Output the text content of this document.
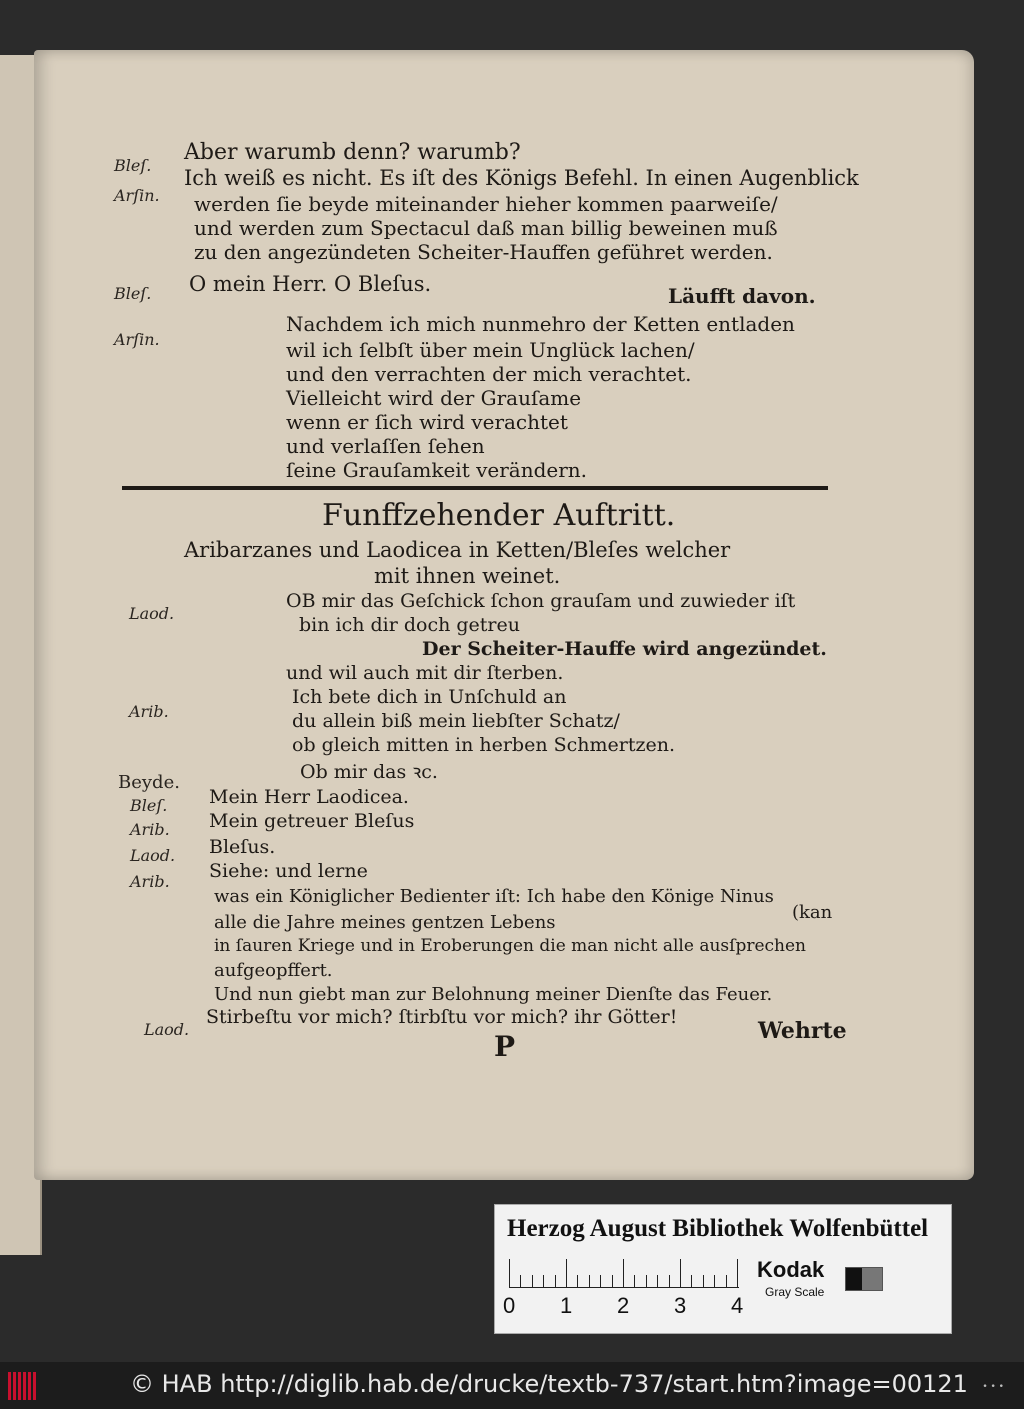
Bleſ.
Aber warumb denn? warumb?
Arſin.
Ich weiß es nicht. Es iſt des Königs Befehl. In einen Augenblick
werden ſie beyde miteinander hieher kommen paarweiſe/
und werden zum Spectacul daß man billig beweinen muß
zu den angezündeten Scheiter-Hauffen geführet werden.
Bleſ. O mein Herr. O Bleſus.	Läufft davon.
Arſin.
Nachdem ich mich nunmehro der Ketten entladen
wil ich ſelbſt über mein Unglück lachen/
und den verrachten der mich verachtet.
Vielleicht wird der Grauſame
wenn er ſich wird verachtet
und verlaſſen ſehen
ſeine Grauſamkeit verändern.
Funffzehender Auftritt.
Aribarzanes und Laodicea in Ketten/Bleſes welcher
mit ihnen weinet.
Laod.
OB mir das Geſchick ſchon grauſam und zuwieder iſt
bin ich dir doch getreu
Der Scheiter-Hauffe wird angezündet.
und wil auch mit dir ſterben.
Arib.
Ich bete dich in Unſchuld an
du allein biß mein liebſter Schatz/
ob gleich mitten in herben Schmertzen.
Beyde.	Ob mir das ꝛc.
Bleſ. Mein Herr Laodicea.
Arib. Mein getreuer Bleſus
Laod. Bleſus.
Arib. Siehe: und lerne
was ein Königlicher Bedienter iſt: Ich habe den Könige Ninus
alle die Jahre meines gentzen Lebens	(kan
in ſauren Kriege und in Eroberungen die man nicht alle ausſprechen
aufgeopffert.
Und nun giebt man zur Belohnung meiner Dienſte das Feuer.
Laod.
Stirbeſtu vor mich? ſtirbſtu vor mich? ihr Götter!
P	Wehrte
Herzog August Bibliothek Wolfenbüttel
0 1 2 3 4
Kodak
Gray Scale
© HAB http://diglib.hab.de/drucke/textb-737/start.htm?image=00121 • • •
